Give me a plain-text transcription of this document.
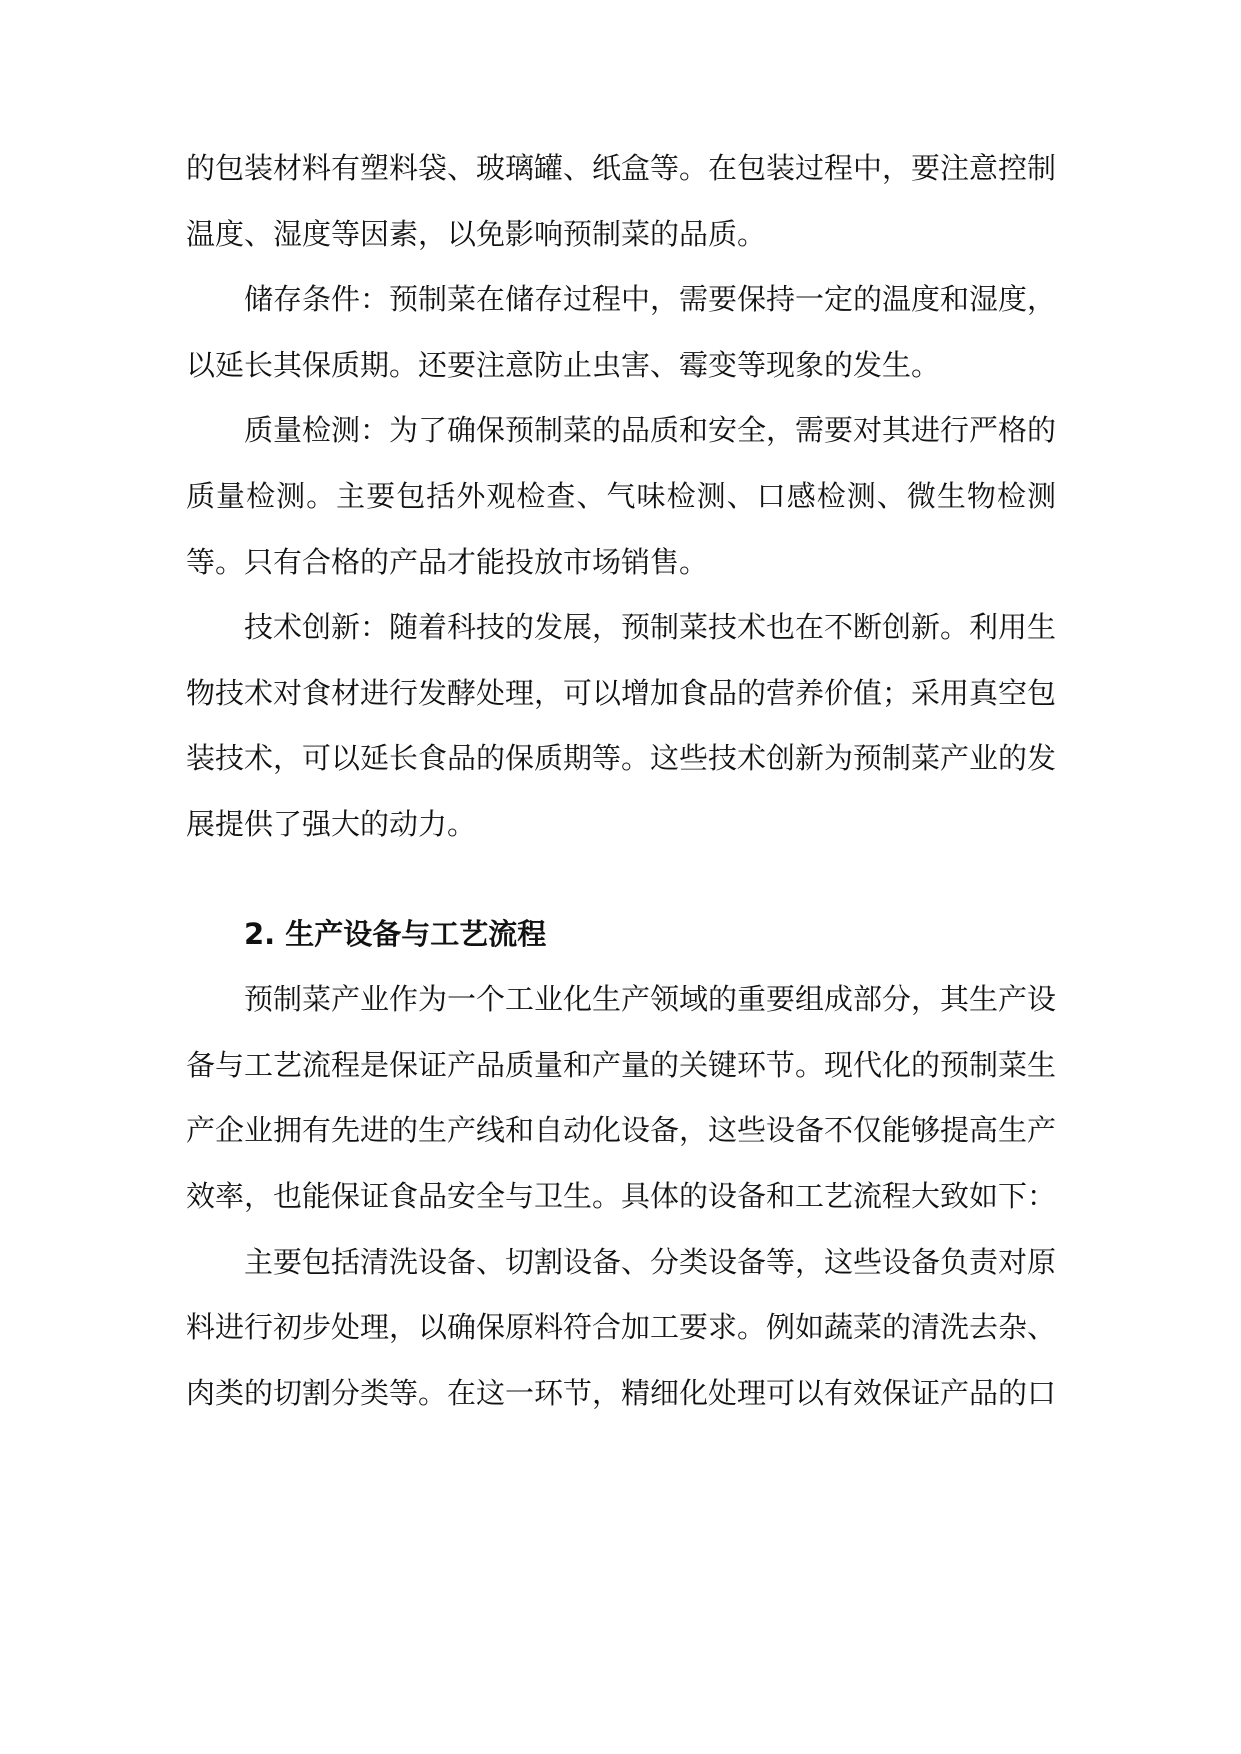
的包装材料有塑料袋、玻璃罐、纸盒等。在包装过程中，要注意控制温度、湿度等因素，以免影响预制菜的品质。

储存条件：预制菜在储存过程中，需要保持一定的温度和湿度，以延长其保质期。还要注意防止虫害、霉变等现象的发生。

质量检测：为了确保预制菜的品质和安全，需要对其进行严格的质量检测。主要包括外观检查、气味检测、口感检测、微生物检测等。只有合格的产品才能投放市场销售。

技术创新：随着科技的发展，预制菜技术也在不断创新。利用生物技术对食材进行发酵处理，可以增加食品的营养价值；采用真空包装技术，可以延长食品的保质期等。这些技术创新为预制菜产业的发展提供了强大的动力。

2. 生产设备与工艺流程

预制菜产业作为一个工业化生产领域的重要组成部分，其生产设备与工艺流程是保证产品质量和产量的关键环节。现代化的预制菜生产企业拥有先进的生产线和自动化设备，这些设备不仅能够提高生产效率，也能保证食品安全与卫生。具体的设备和工艺流程大致如下：

主要包括清洗设备、切割设备、分类设备等，这些设备负责对原料进行初步处理，以确保原料符合加工要求。例如蔬菜的清洗去杂、肉类的切割分类等。在这一环节，精细化处理可以有效保证产品的口
